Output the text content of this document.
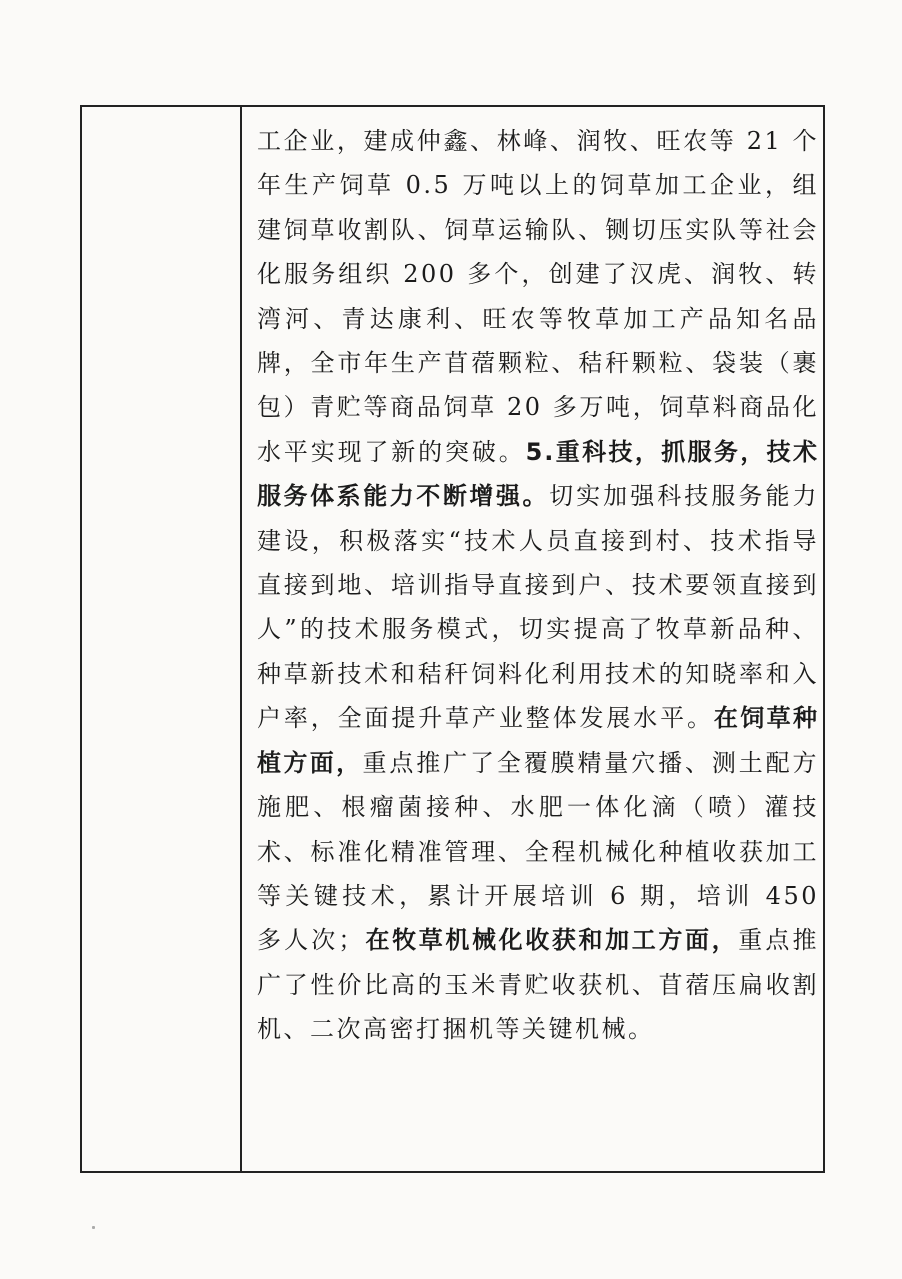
工企业，建成仲鑫、林峰、润牧、旺农等 21 个年生产饲草 0.5 万吨以上的饲草加工企业，组建饲草收割队、饲草运输队、铡切压实队等社会化服务组织 200 多个，创建了汉虎、润牧、转湾河、青达康利、旺农等牧草加工产品知名品牌，全市年生产苜蓿颗粒、秸秆颗粒、袋装（裹包）青贮等商品饲草 20 多万吨，饲草料商品化水平实现了新的突破。5.重科技，抓服务，技术服务体系能力不断增强。切实加强科技服务能力建设，积极落实“技术人员直接到村、技术指导直接到地、培训指导直接到户、技术要领直接到人”的技术服务模式，切实提高了牧草新品种、种草新技术和秸秆饲料化利用技术的知晓率和入户率，全面提升草产业整体发展水平。在饲草种植方面，重点推广了全覆膜精量穴播、测土配方施肥、根瘤菌接种、水肥一体化滴（喷）灌技术、标准化精准管理、全程机械化种植收获加工等关键技术，累计开展培训 6 期，培训 450 多人次；在牧草机械化收获和加工方面，重点推广了性价比高的玉米青贮收获机、苜蓿压扁收割机、二次高密打捆机等关键机械。
